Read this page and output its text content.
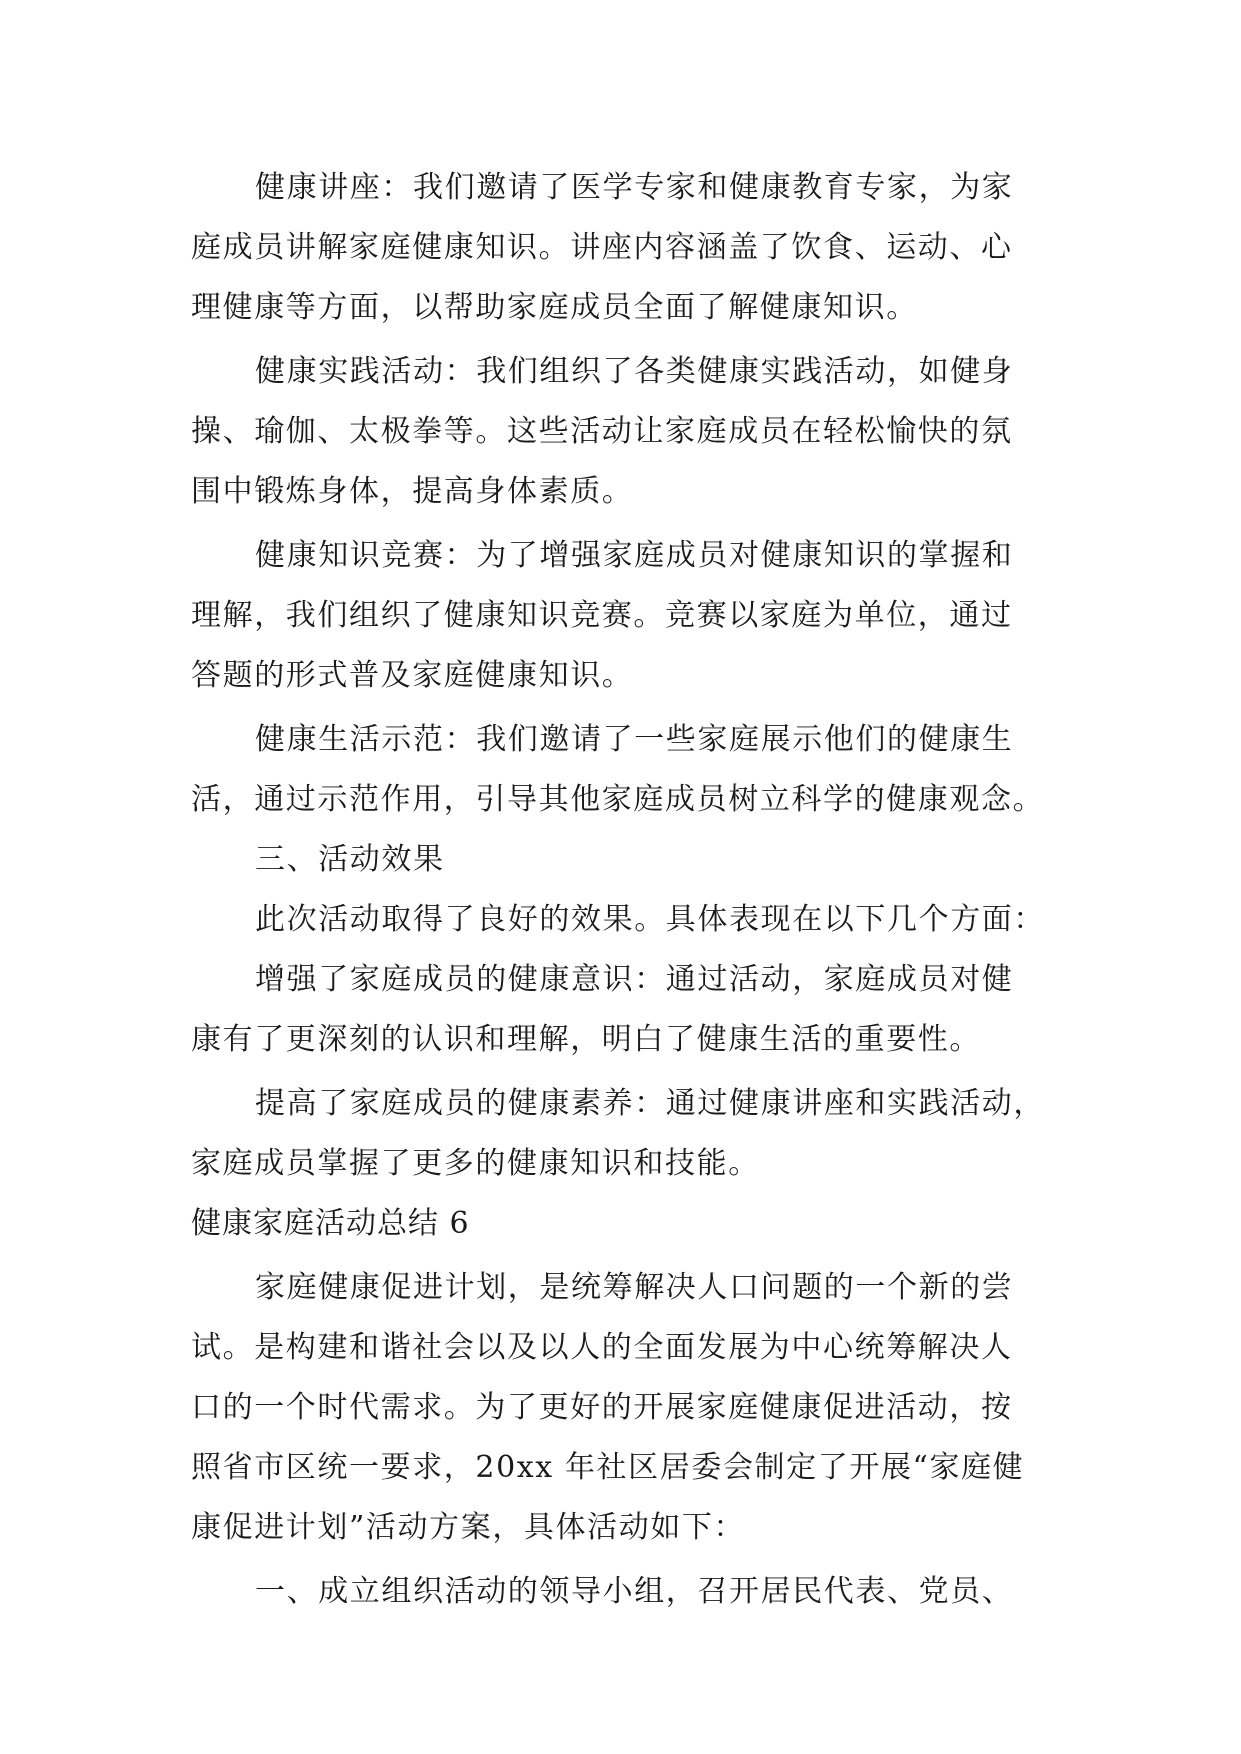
健康讲座：我们邀请了医学专家和健康教育专家，为家
庭成员讲解家庭健康知识。讲座内容涵盖了饮食、运动、心
理健康等方面，以帮助家庭成员全面了解健康知识。
健康实践活动：我们组织了各类健康实践活动，如健身
操、瑜伽、太极拳等。这些活动让家庭成员在轻松愉快的氛
围中锻炼身体，提高身体素质。
健康知识竞赛：为了增强家庭成员对健康知识的掌握和
理解，我们组织了健康知识竞赛。竞赛以家庭为单位，通过
答题的形式普及家庭健康知识。
健康生活示范：我们邀请了一些家庭展示他们的健康生
活，通过示范作用，引导其他家庭成员树立科学的健康观念。
三、活动效果
此次活动取得了良好的效果。具体表现在以下几个方面：
增强了家庭成员的健康意识：通过活动，家庭成员对健
康有了更深刻的认识和理解，明白了健康生活的重要性。
提高了家庭成员的健康素养：通过健康讲座和实践活动，
家庭成员掌握了更多的健康知识和技能。
健康家庭活动总结 6
家庭健康促进计划，是统筹解决人口问题的一个新的尝
试。是构建和谐社会以及以人的全面发展为中心统筹解决人
口的一个时代需求。为了更好的开展家庭健康促进活动，按
照省市区统一要求，20xx 年社区居委会制定了开展“家庭健
康促进计划”活动方案，具体活动如下：
一、成立组织活动的领导小组，召开居民代表、党员、
